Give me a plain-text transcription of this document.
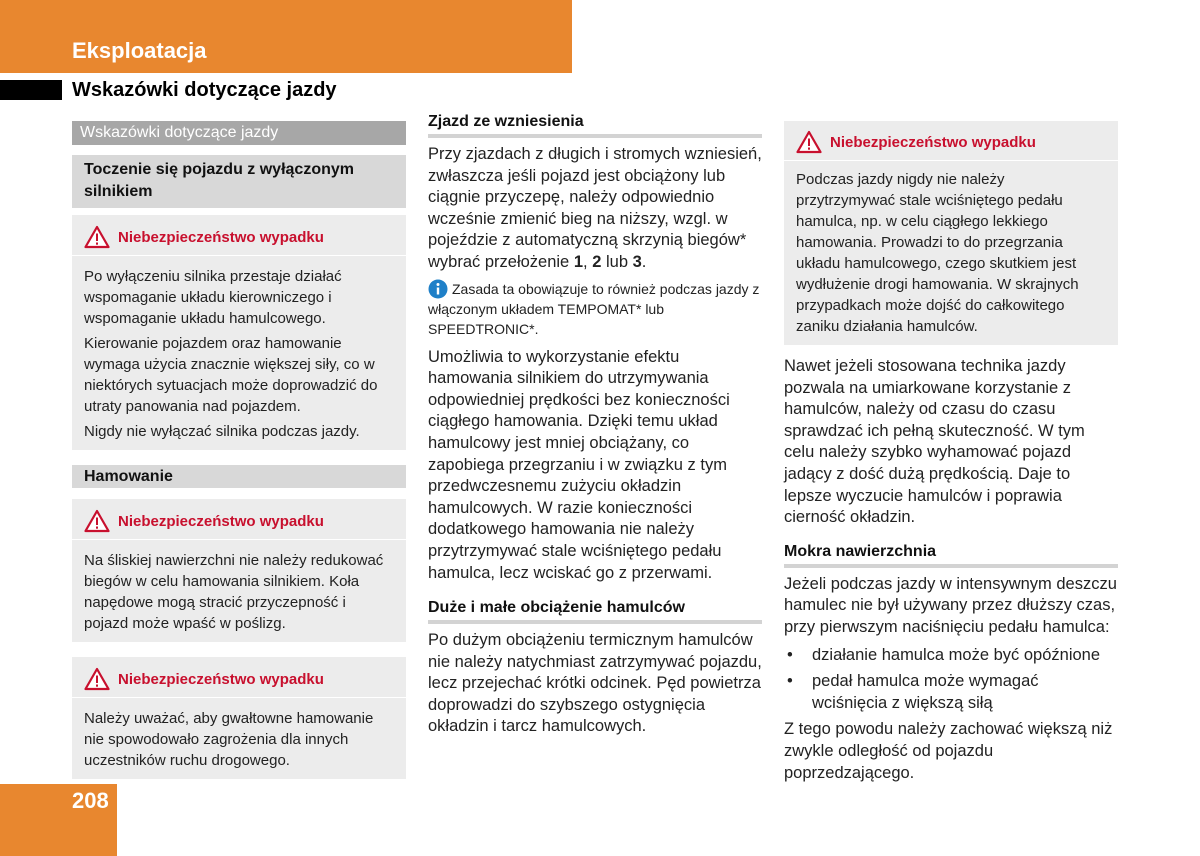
Eksploatacja
Wskazówki dotyczące jazdy
Wskazówki dotyczące jazdy
Toczenie się pojazdu z wyłączonym silnikiem
Niebezpieczeństwo wypadku

Po wyłączeniu silnika przestaje działać wspomaganie układu kierowniczego i wspomaganie układu hamulcowego.

Kierowanie pojazdem oraz hamowanie wymaga użycia znacznie większej siły, co w niektórych sytuacjach może doprowadzić do utraty panowania nad pojazdem.

Nigdy nie wyłączać silnika podczas jazdy.

Hamowanie
Niebezpieczeństwo wypadku

Na śliskiej nawierzchni nie należy redukować biegów w celu hamowania silnikiem. Koła napędowe mogą stracić przyczepność i pojazd może wpaść w poślizg.

Niebezpieczeństwo wypadku

Należy uważać, aby gwałtowne hamowanie nie spowodowało zagrożenia dla innych uczestników ruchu drogowego.

Zjazd ze wzniesienia

Przy zjazdach z długich i stromych wzniesień, zwłaszcza jeśli pojazd jest obciążony lub ciągnie przyczepę, należy odpowiednio wcześnie zmienić bieg na niższy, wzgl. w pojeździe z automatyczną skrzynią biegów* wybrać przełożenie 1, 2 lub 3.

Zasada ta obowiązuje to również podczas jazdy z włączonym układem TEMPOMAT* lub SPEEDTRONIC*.

Umożliwia to wykorzystanie efektu hamowania silnikiem do utrzymywania odpowiedniej prędkości bez konieczności ciągłego hamowania. Dzięki temu układ hamulcowy jest mniej obciążany, co zapobiega przegrzaniu i w związku z tym przedwczesnemu zużyciu okładzin hamulcowych. W razie konieczności dodatkowego hamowania nie należy przytrzymywać stale wciśniętego pedału hamulca, lecz wciskać go z przerwami.

Duże i małe obciążenie hamulców

Po dużym obciążeniu termicznym hamulców nie należy natychmiast zatrzymywać pojazdu, lecz przejechać krótki odcinek. Pęd powietrza doprowadzi do szybszego ostygnięcia okładzin i tarcz hamulcowych.

Niebezpieczeństwo wypadku

Podczas jazdy nigdy nie należy przytrzymywać stale wciśniętego pedału hamulca, np. w celu ciągłego lekkiego hamowania. Prowadzi to do przegrzania układu hamulcowego, czego skutkiem jest wydłużenie drogi hamowania. W skrajnych przypadkach może dojść do całkowitego zaniku działania hamulców.

Nawet jeżeli stosowana technika jazdy pozwala na umiarkowane korzystanie z hamulców, należy od czasu do czasu sprawdzać ich pełną skuteczność. W tym celu należy szybko wyhamować pojazd jadący z dość dużą prędkością. Daje to lepsze wyczucie hamulców i poprawia cierność okładzin.

Mokra nawierzchnia

Jeżeli podczas jazdy w intensywnym deszczu hamulec nie był używany przez dłuższy czas, przy pierwszym naciśnięciu pedału hamulca:

• działanie hamulca może być opóźnione
• pedał hamulca może wymagać wciśnięcia z większą siłą

Z tego powodu należy zachować większą niż zwykle odległość od pojazdu poprzedzającego.

208
